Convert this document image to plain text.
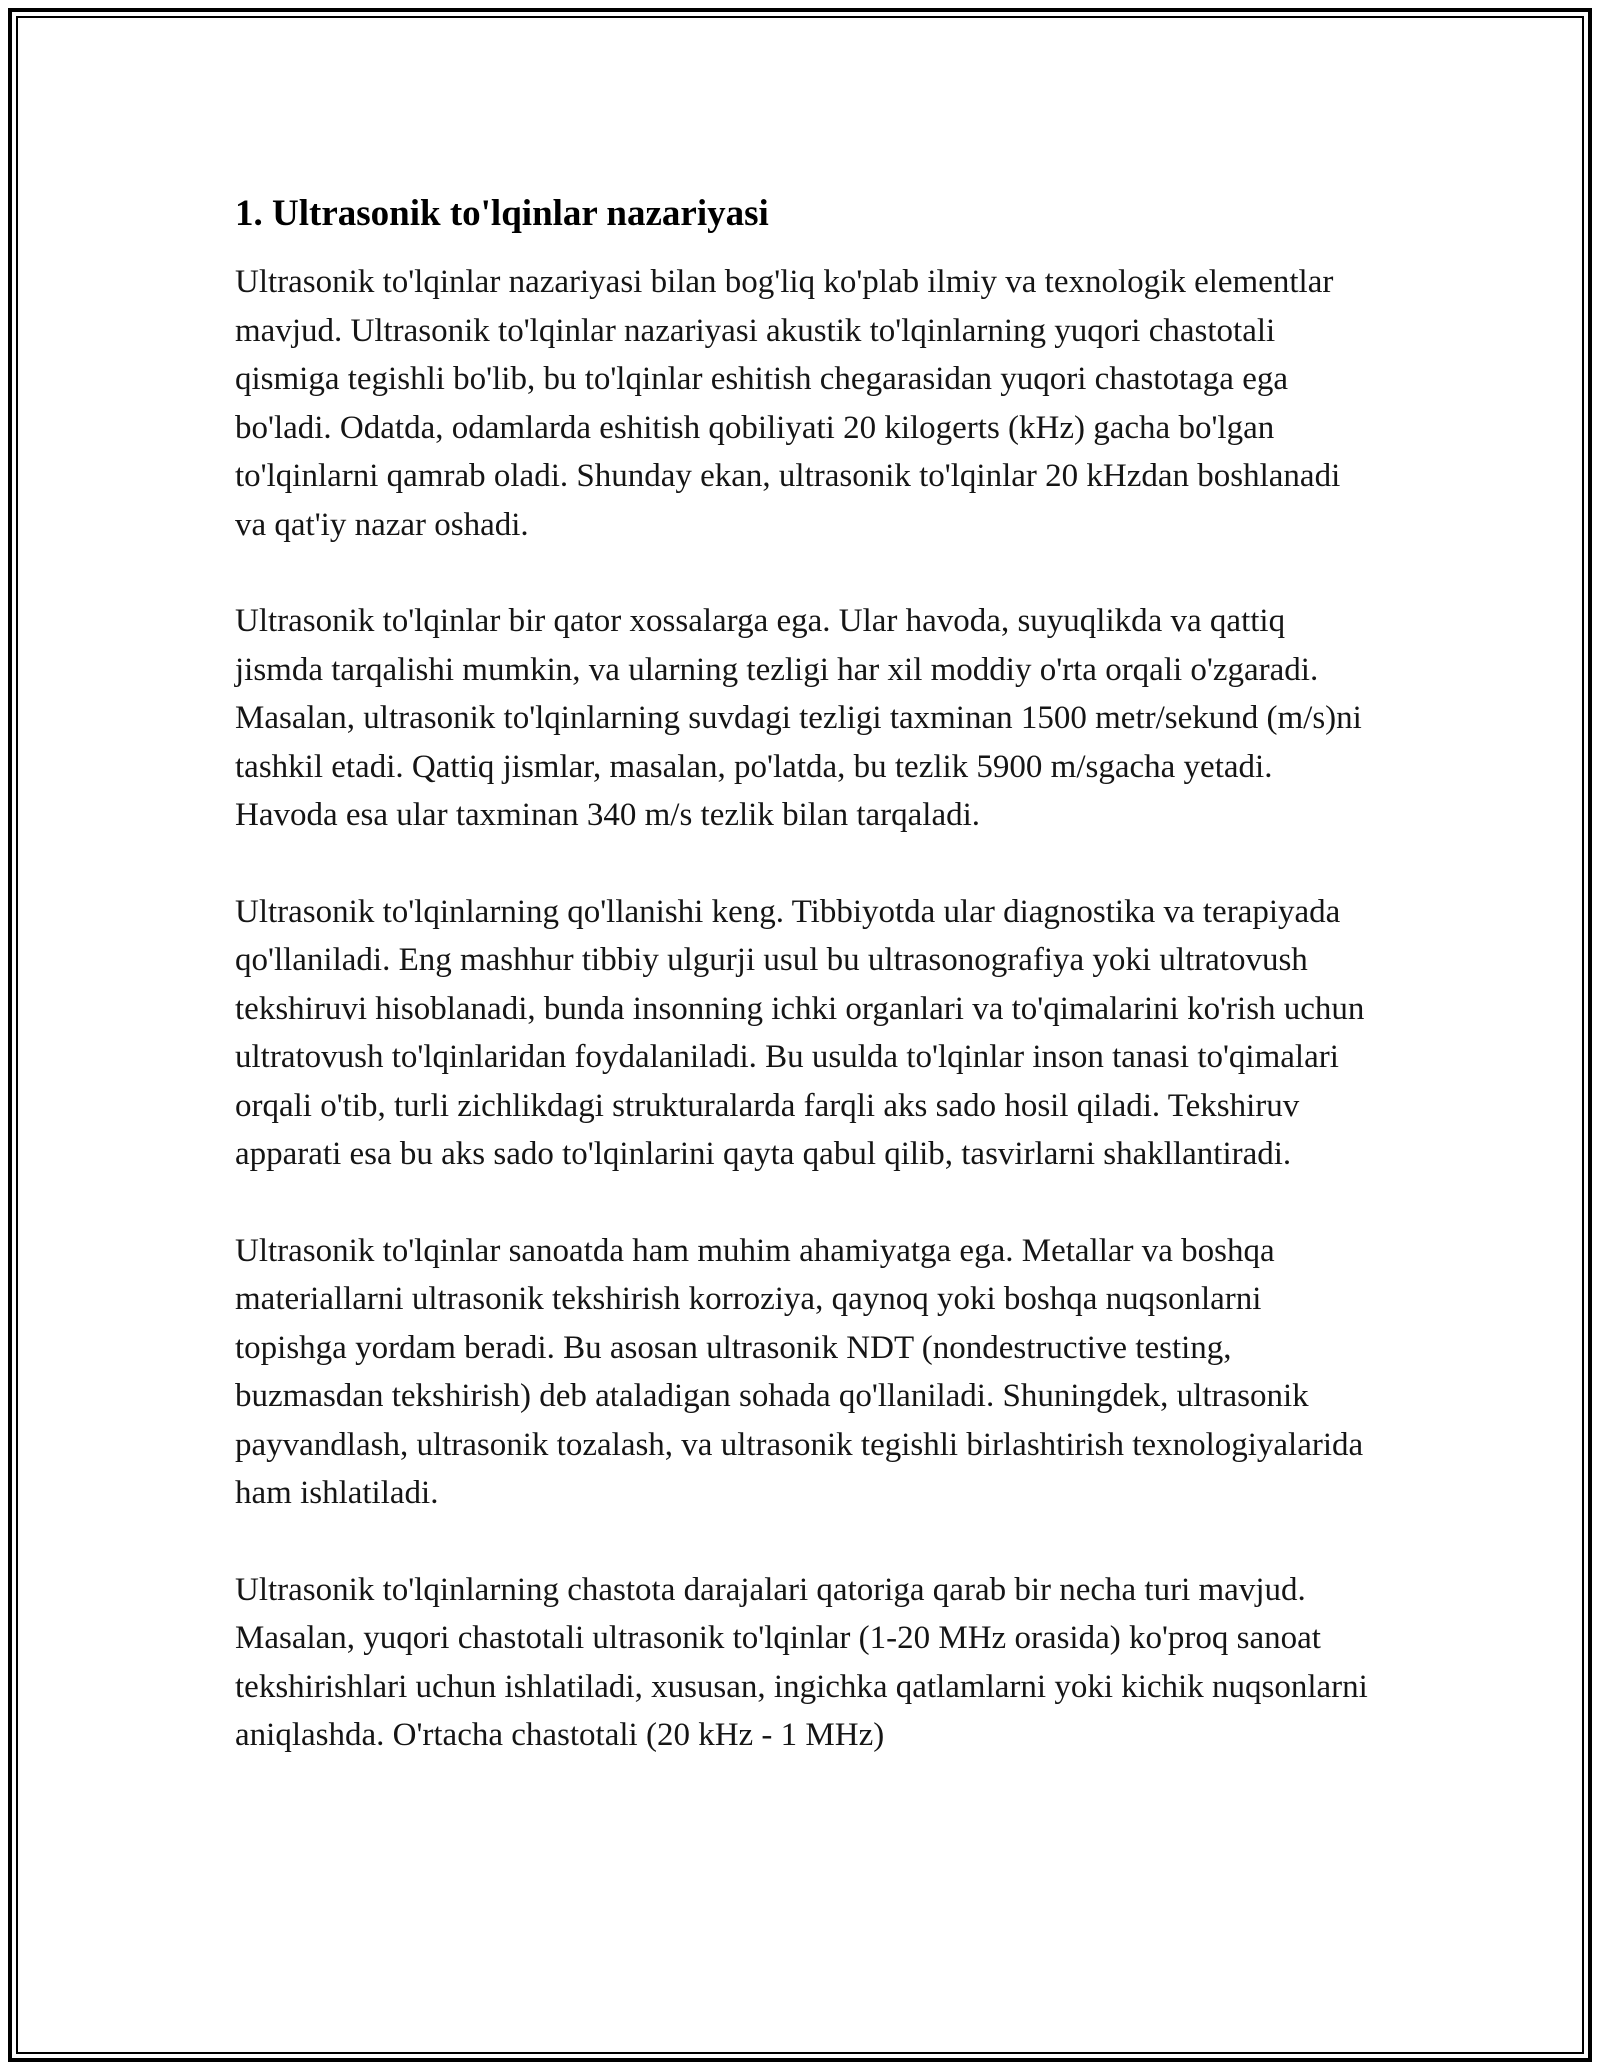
1. Ultrasonik to'lqinlar nazariyasi

Ultrasonik to'lqinlar nazariyasi bilan bog'liq ko'plab ilmiy va texnologik elementlar mavjud. Ultrasonik to'lqinlar nazariyasi akustik to'lqinlarning yuqori chastotali qismiga tegishli bo'lib, bu to'lqinlar eshitish chegarasidan yuqori chastotaga ega bo'ladi. Odatda, odamlarda eshitish qobiliyati 20 kilogerts (kHz) gacha bo'lgan to'lqinlarni qamrab oladi. Shunday ekan, ultrasonik to'lqinlar 20 kHzdan boshlanadi va qat'iy nazar oshadi.

Ultrasonik to'lqinlar bir qator xossalarga ega. Ular havoda, suyuqlikda va qattiq jismda tarqalishi mumkin, va ularning tezligi har xil moddiy o'rta orqali o'zgaradi. Masalan, ultrasonik to'lqinlarning suvdagi tezligi taxminan 1500 metr/sekund (m/s)ni tashkil etadi. Qattiq jismlar, masalan, po'latda, bu tezlik 5900 m/sgacha yetadi. Havoda esa ular taxminan 340 m/s tezlik bilan tarqaladi.

Ultrasonik to'lqinlarning qo'llanishi keng. Tibbiyotda ular diagnostika va terapiyada qo'llaniladi. Eng mashhur tibbiy ulgurji usul bu ultrasonografiya yoki ultratovush tekshiruvi hisoblanadi, bunda insonning ichki organlari va to'qimalarini ko'rish uchun ultratovush to'lqinlaridan foydalaniladi. Bu usulda to'lqinlar inson tanasi to'qimalari orqali o'tib, turli zichlikdagi strukturalarda farqli aks sado hosil qiladi. Tekshiruv apparati esa bu aks sado to'lqinlarini qayta qabul qilib, tasvirlarni shakllantiradi.

Ultrasonik to'lqinlar sanoatda ham muhim ahamiyatga ega. Metallar va boshqa materiallarni ultrasonik tekshirish korroziya, qaynoq yoki boshqa nuqsonlarni topishga yordam beradi. Bu asosan ultrasonik NDT (nondestructive testing, buzmasdan tekshirish) deb ataladigan sohada qo'llaniladi. Shuningdek, ultrasonik payvandlash, ultrasonik tozalash, va ultrasonik tegishli birlashtirish texnologiyalarida ham ishlatiladi.

Ultrasonik to'lqinlarning chastota darajalari qatoriga qarab bir necha turi mavjud. Masalan, yuqori chastotali ultrasonik to'lqinlar (1-20 MHz orasida) ko'proq sanoat tekshirishlari uchun ishlatiladi, xususan, ingichka qatlamlarni yoki kichik nuqsonlarni aniqlashda. O'rtacha chastotali (20 kHz - 1 MHz)
